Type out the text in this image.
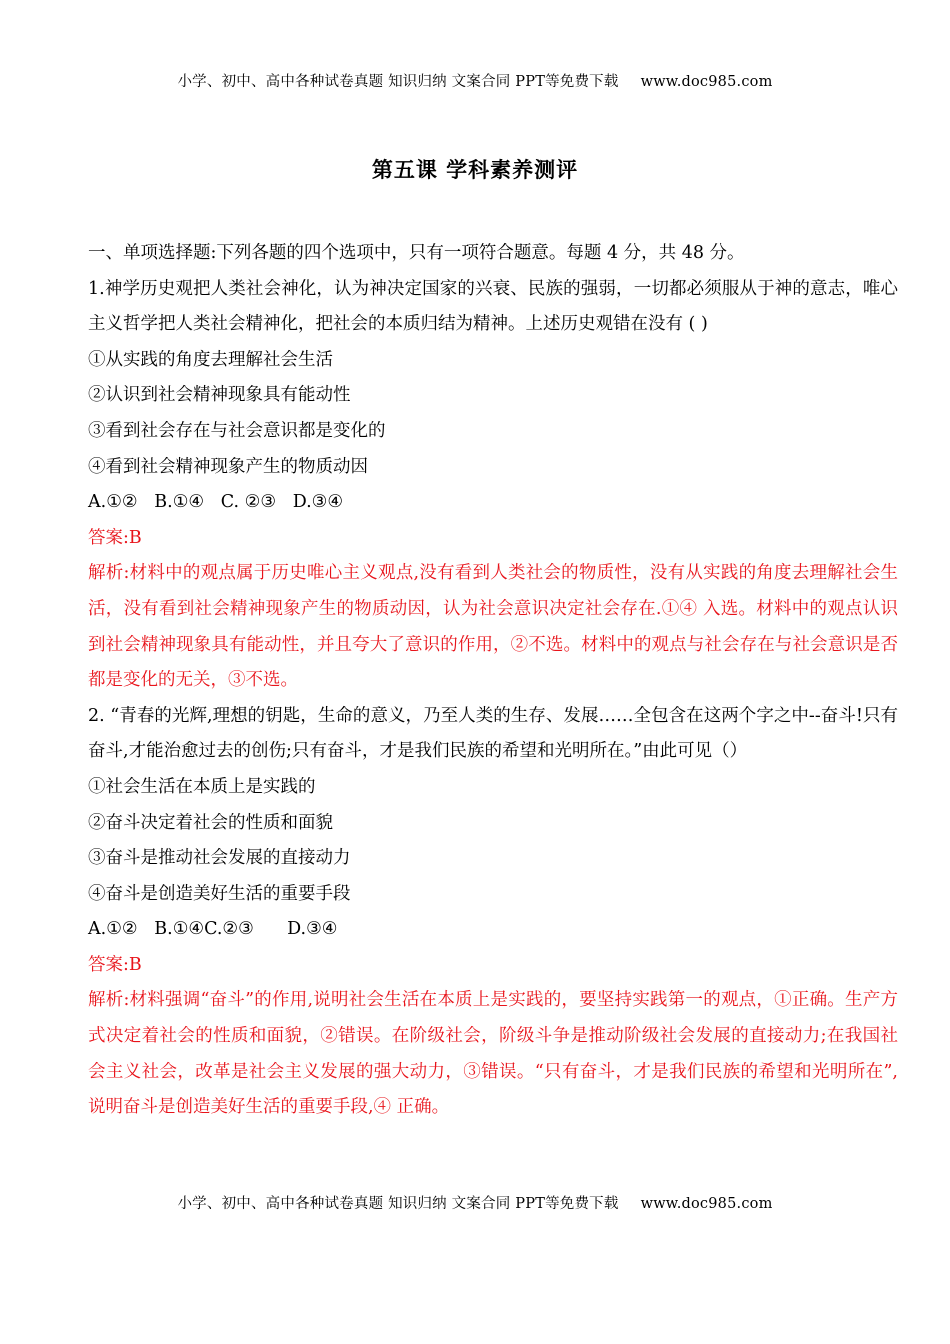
小学、初中、高中各种试卷真题 知识归纳 文案合同 PPT等免费下载 www.doc985.com
第五课 学科素养测评

一、单项选择题:下列各题的四个选项中，只有一项符合题意。每题 4 分，共 48 分。

1.神学历史观把人类社会神化，认为神决定国家的兴衰、民族的强弱，一切都必须服从于神的意志，唯心主义哲学把人类社会精神化，把社会的本质归结为精神。上述历史观错在没有 ( )

①从实践的角度去理解社会生活

②认识到社会精神现象具有能动性

③看到社会存在与社会意识都是变化的

④看到社会精神现象产生的物质动因

A.①②   B.①④   C. ②③   D.③④

答案:B

解析:材料中的观点属于历史唯心主义观点,没有看到人类社会的物质性，没有从实践的角度去理解社会生活，没有看到社会精神现象产生的物质动因，认为社会意识决定社会存在.①④ 入选。材料中的观点认识到社会精神现象具有能动性，并且夸大了意识的作用，②不选。材料中的观点与社会存在与社会意识是否都是变化的无关，③不选。

2. “青春的光辉,理想的钥匙，生命的意义，乃至人类的生存、发展……全包含在这两个字之中--奋斗!只有奋斗,才能治愈过去的创伤;只有奋斗，才是我们民族的希望和光明所在。”由此可见（）

①社会生活在本质上是实践的

②奋斗决定着社会的性质和面貌

③奋斗是推动社会发展的直接动力

④奋斗是创造美好生活的重要手段

A.①②   B.①④C.②③      D.③④

答案:B

解析:材料强调“奋斗”的作用,说明社会生活在本质上是实践的，要坚持实践第一的观点，①正确。生产方式决定着社会的性质和面貌，②错误。在阶级社会，阶级斗争是推动阶级社会发展的直接动力;在我国社会主义社会，改革是社会主义发展的强大动力，③错误。“只有奋斗，才是我们民族的希望和光明所在”,说明奋斗是创造美好生活的重要手段,④ 正确。

小学、初中、高中各种试卷真题 知识归纳 文案合同 PPT等免费下载 www.doc985.com
